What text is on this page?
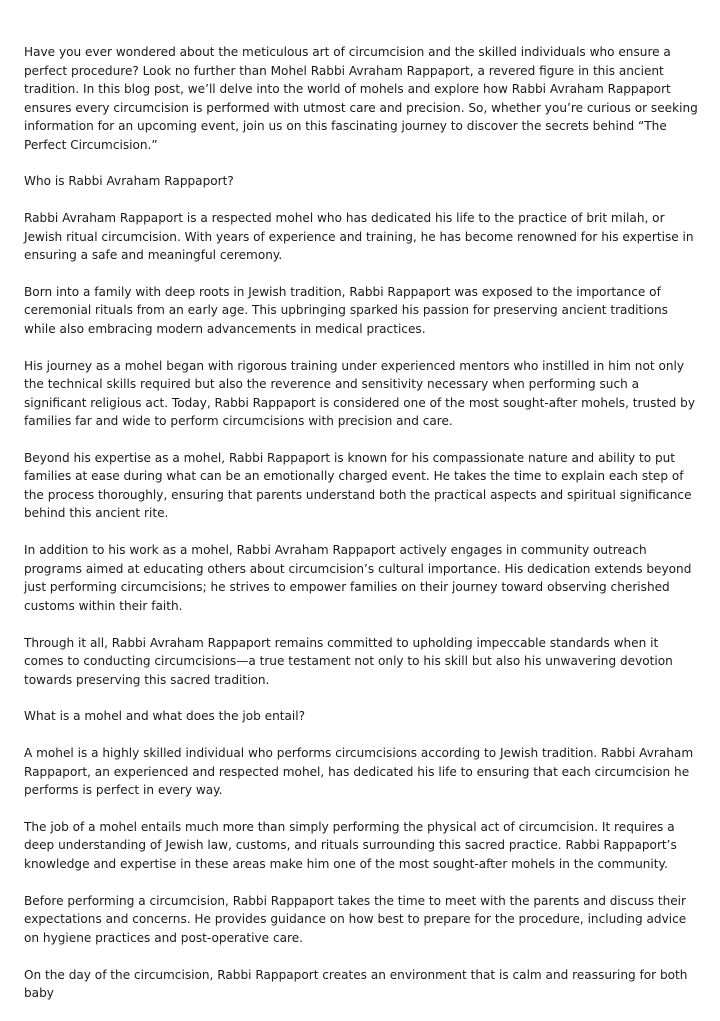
Have you ever wondered about the meticulous art of circumcision and the skilled individuals who ensure a perfect procedure? Look no further than Mohel Rabbi Avraham Rappaport, a revered figure in this ancient tradition. In this blog post, we’ll delve into the world of mohels and explore how Rabbi Avraham Rappaport ensures every circumcision is performed with utmost care and precision. So, whether you’re curious or seeking information for an upcoming event, join us on this fascinating journey to discover the secrets behind “The Perfect Circumcision.”

Who is Rabbi Avraham Rappaport?

Rabbi Avraham Rappaport is a respected mohel who has dedicated his life to the practice of brit milah, or Jewish ritual circumcision. With years of experience and training, he has become renowned for his expertise in ensuring a safe and meaningful ceremony.

Born into a family with deep roots in Jewish tradition, Rabbi Rappaport was exposed to the importance of ceremonial rituals from an early age. This upbringing sparked his passion for preserving ancient traditions while also embracing modern advancements in medical practices.

His journey as a mohel began with rigorous training under experienced mentors who instilled in him not only the technical skills required but also the reverence and sensitivity necessary when performing such a significant religious act. Today, Rabbi Rappaport is considered one of the most sought-after mohels, trusted by families far and wide to perform circumcisions with precision and care.

Beyond his expertise as a mohel, Rabbi Rappaport is known for his compassionate nature and ability to put families at ease during what can be an emotionally charged event. He takes the time to explain each step of the process thoroughly, ensuring that parents understand both the practical aspects and spiritual significance behind this ancient rite.

In addition to his work as a mohel, Rabbi Avraham Rappaport actively engages in community outreach programs aimed at educating others about circumcision’s cultural importance. His dedication extends beyond just performing circumcisions; he strives to empower families on their journey toward observing cherished customs within their faith.

Through it all, Rabbi Avraham Rappaport remains committed to upholding impeccable standards when it comes to conducting circumcisions—a true testament not only to his skill but also his unwavering devotion towards preserving this sacred tradition.

What is a mohel and what does the job entail?

A mohel is a highly skilled individual who performs circumcisions according to Jewish tradition. Rabbi Avraham Rappaport, an experienced and respected mohel, has dedicated his life to ensuring that each circumcision he performs is perfect in every way.

The job of a mohel entails much more than simply performing the physical act of circumcision. It requires a deep understanding of Jewish law, customs, and rituals surrounding this sacred practice. Rabbi Rappaport’s knowledge and expertise in these areas make him one of the most sought-after mohels in the community.

Before performing a circumcision, Rabbi Rappaport takes the time to meet with the parents and discuss their expectations and concerns. He provides guidance on how best to prepare for the procedure, including advice on hygiene practices and post-operative care.

On the day of the circumcision, Rabbi Rappaport creates an environment that is calm and reassuring for both baby
